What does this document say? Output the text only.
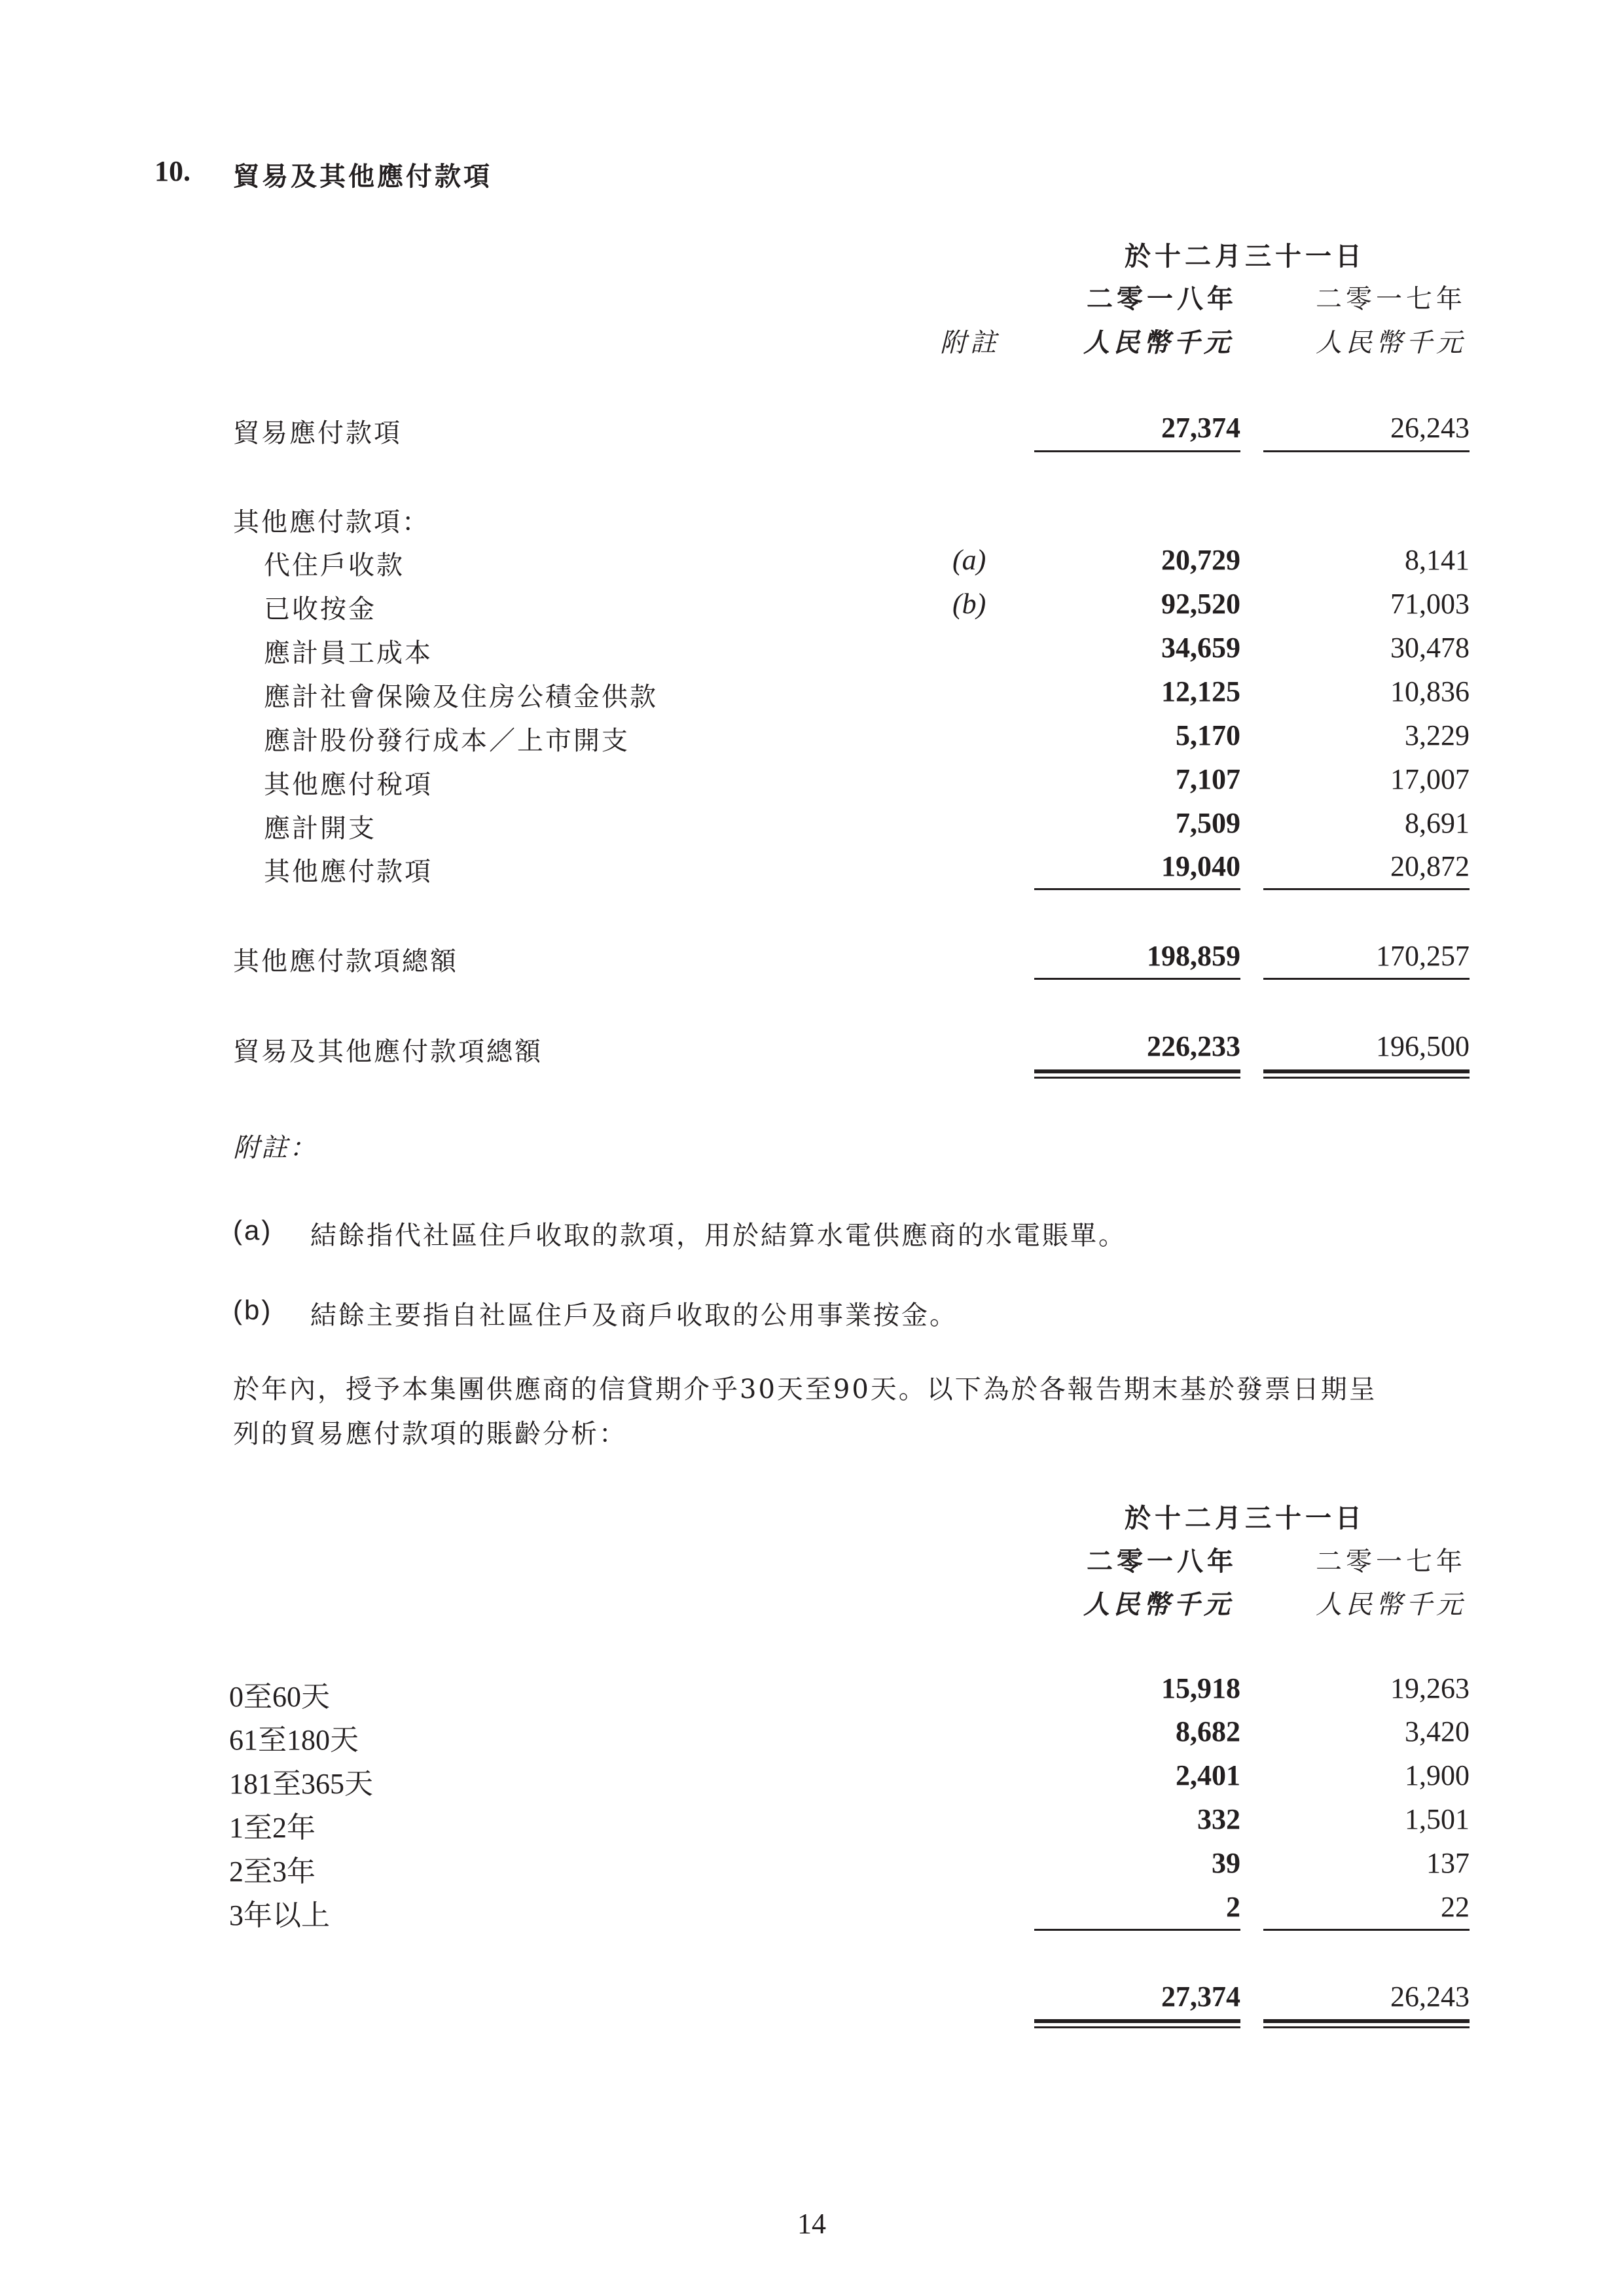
10. 貿易及其他應付款項
於十二月三十一日
二零一八年	二零一七年
附註	人民幣千元	人民幣千元
貿易應付款項	27,374	26,243
其他應付款項：
代住戶收款	(a)	20,729	8,141
已收按金	(b)	92,520	71,003
應計員工成本	34,659	30,478
應計社會保險及住房公積金供款	12,125	10,836
應計股份發行成本／上市開支	5,170	3,229
其他應付稅項	7,107	17,007
應計開支	7,509	8,691
其他應付款項	19,040	20,872
其他應付款項總額	198,859	170,257
貿易及其他應付款項總額	226,233	196,500
附註：
(a) 結餘指代社區住戶收取的款項，用於結算水電供應商的水電賬單。
(b) 結餘主要指自社區住戶及商戶收取的公用事業按金。
於年內，授予本集團供應商的信貸期介乎30天至90天。以下為於各報告期末基於發票日期呈
列的貿易應付款項的賬齡分析：
於十二月三十一日
二零一八年	二零一七年
人民幣千元	人民幣千元
0至60天	15,918	19,263
61至180天	8,682	3,420
181至365天	2,401	1,900
1至2年	332	1,501
2至3年	39	137
3年以上	2	22
27,374	26,243
14
